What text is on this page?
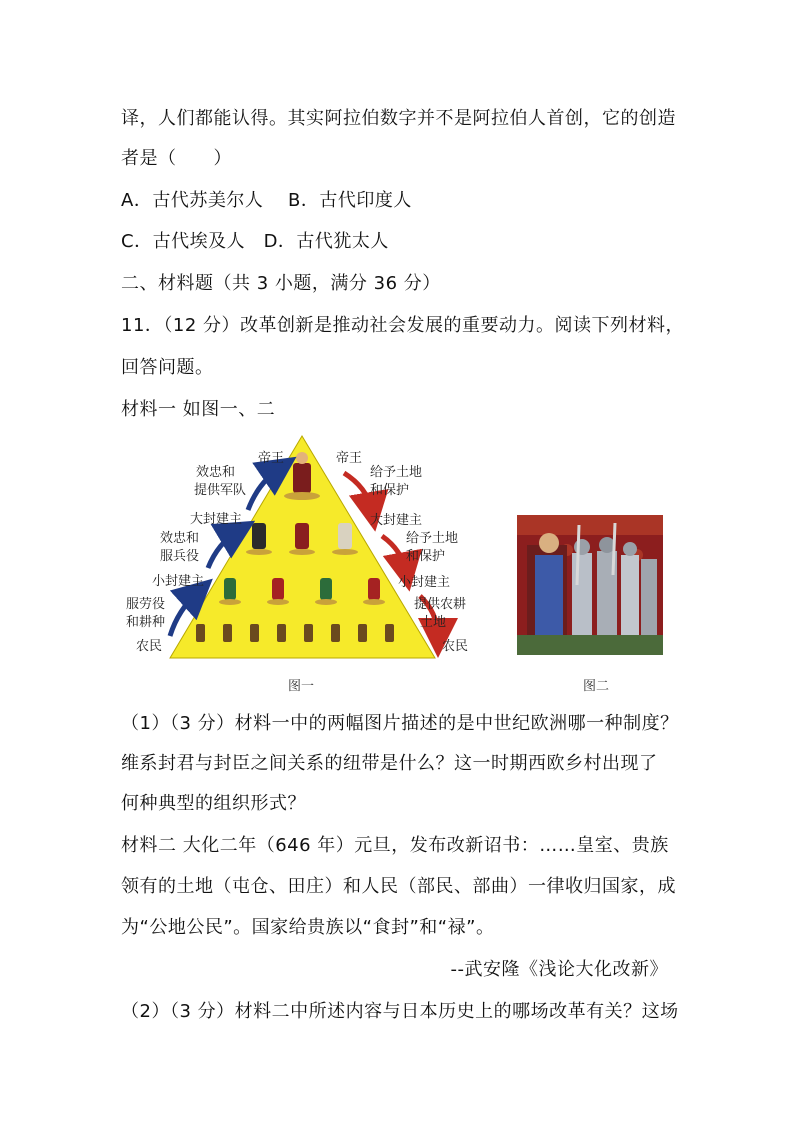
译，人们都能认得。其实阿拉伯数字并不是阿拉伯人首创，它的创造
者是（　　）
A．古代苏美尔人　 B．古代印度人
C．古代埃及人　D．古代犹太人
二、材料题（共 3 小题，满分 36 分）
11．（12 分）改革创新是推动社会发展的重要动力。阅读下列材料，
回答问题。
材料一 如图一、二
帝王
效忠和
提供军队
大封建主
效忠和
服兵役
小封建主
服劳役
和耕种
农民
帝王
给予土地
和保护
大封建主
给予土地
和保护
小封建主
提供农耕
土地
农民
图一	图二
（1）（3 分）材料一中的两幅图片描述的是中世纪欧洲哪一种制度？
维系封君与封臣之间关系的纽带是什么？这一时期西欧乡村出现了
何种典型的组织形式？
材料二 大化二年（646 年）元旦，发布改新诏书：……皇室、贵族
领有的土地（屯仓、田庄）和人民（部民、部曲）一律收归国家，成
为“公地公民”。国家给贵族以“食封”和“禄”。
--武安隆《浅论大化改新》
（2）（3 分）材料二中所述内容与日本历史上的哪场改革有关？这场
